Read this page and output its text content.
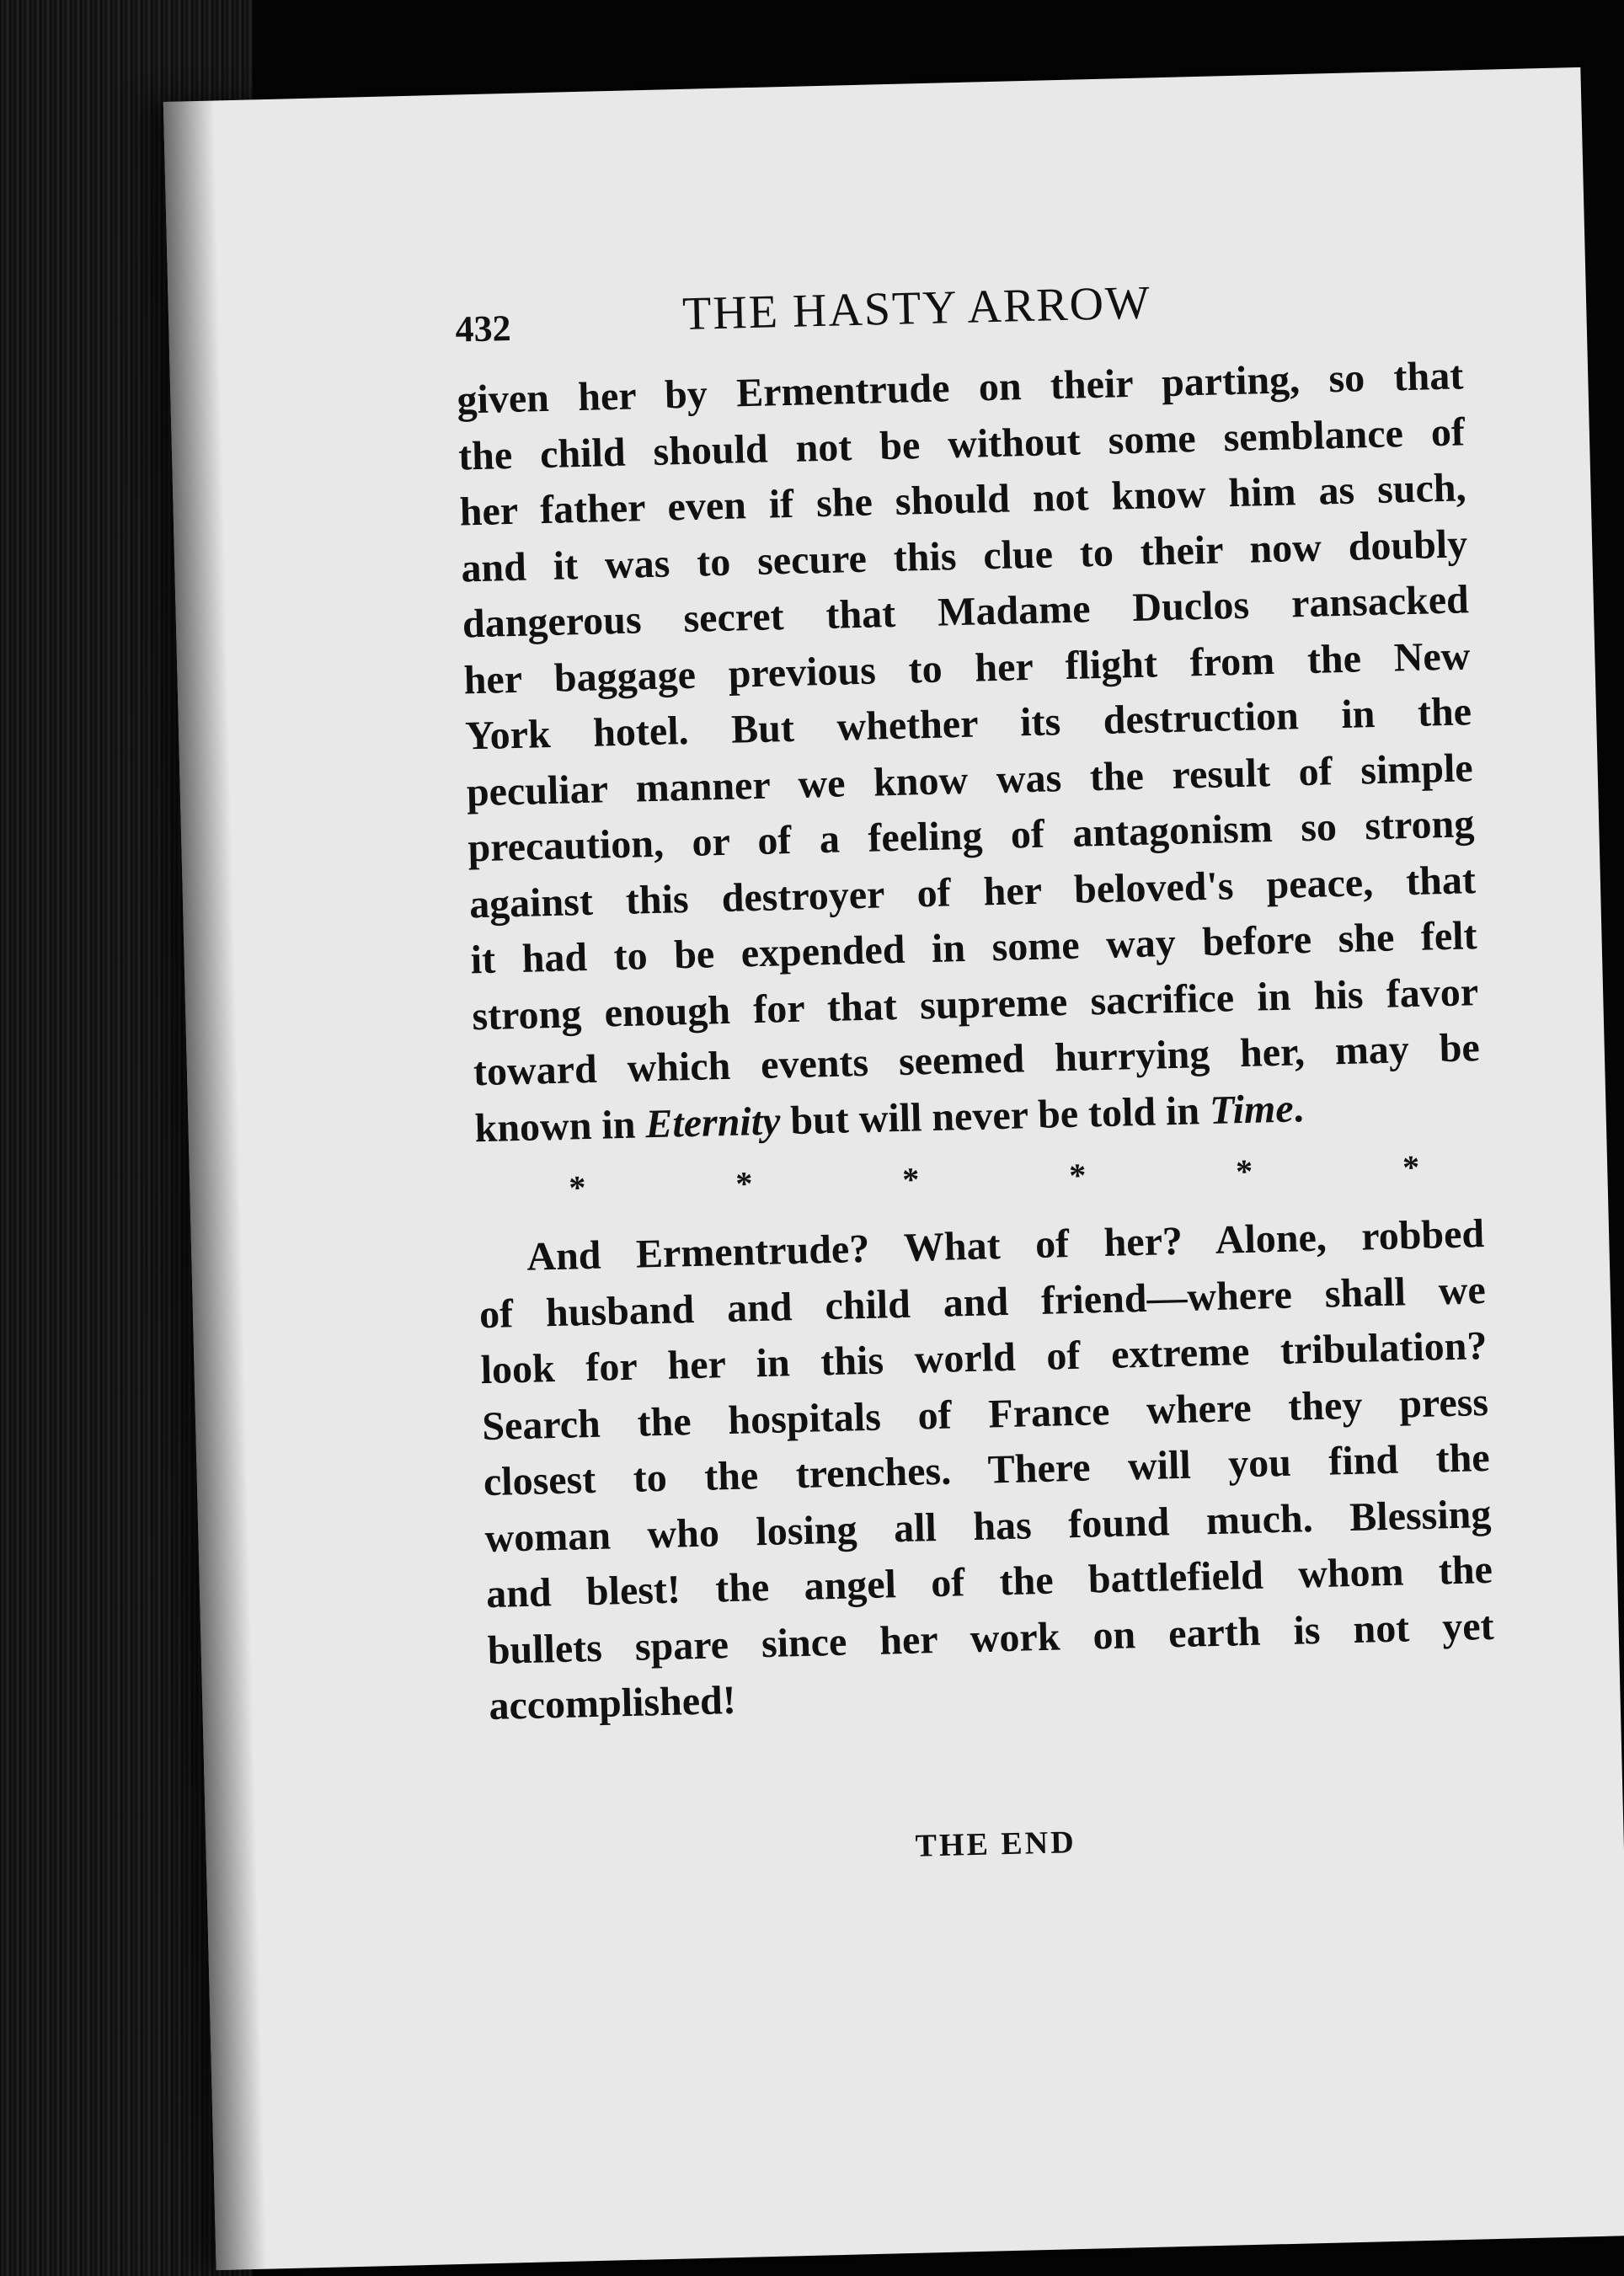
432	THE HASTY ARROW
given her by Ermentrude on their parting, so that
the child should not be without some semblance of
her father even if she should not know him as such,
and it was to secure this clue to their now doubly
dangerous secret that Madame Duclos ransacked
her baggage previous to her flight from the New
York hotel. But whether its destruction in the
peculiar manner we know was the result of simple
precaution, or of a feeling of antagonism so strong
against this destroyer of her beloved's peace, that
it had to be expended in some way before she felt
strong enough for that supreme sacrifice in his favor
toward which events seemed hurrying her, may be
known in Eternity but will never be told in Time.
*	*	*	*	*	*
And Ermentrude? What of her? Alone, robbed
of husband and child and friend—where shall we
look for her in this world of extreme tribulation?
Search the hospitals of France where they press
closest to the trenches. There will you find the
woman who losing all has found much. Blessing
and blest! the angel of the battlefield whom the
bullets spare since her work on earth is not yet
accomplished!
THE END
